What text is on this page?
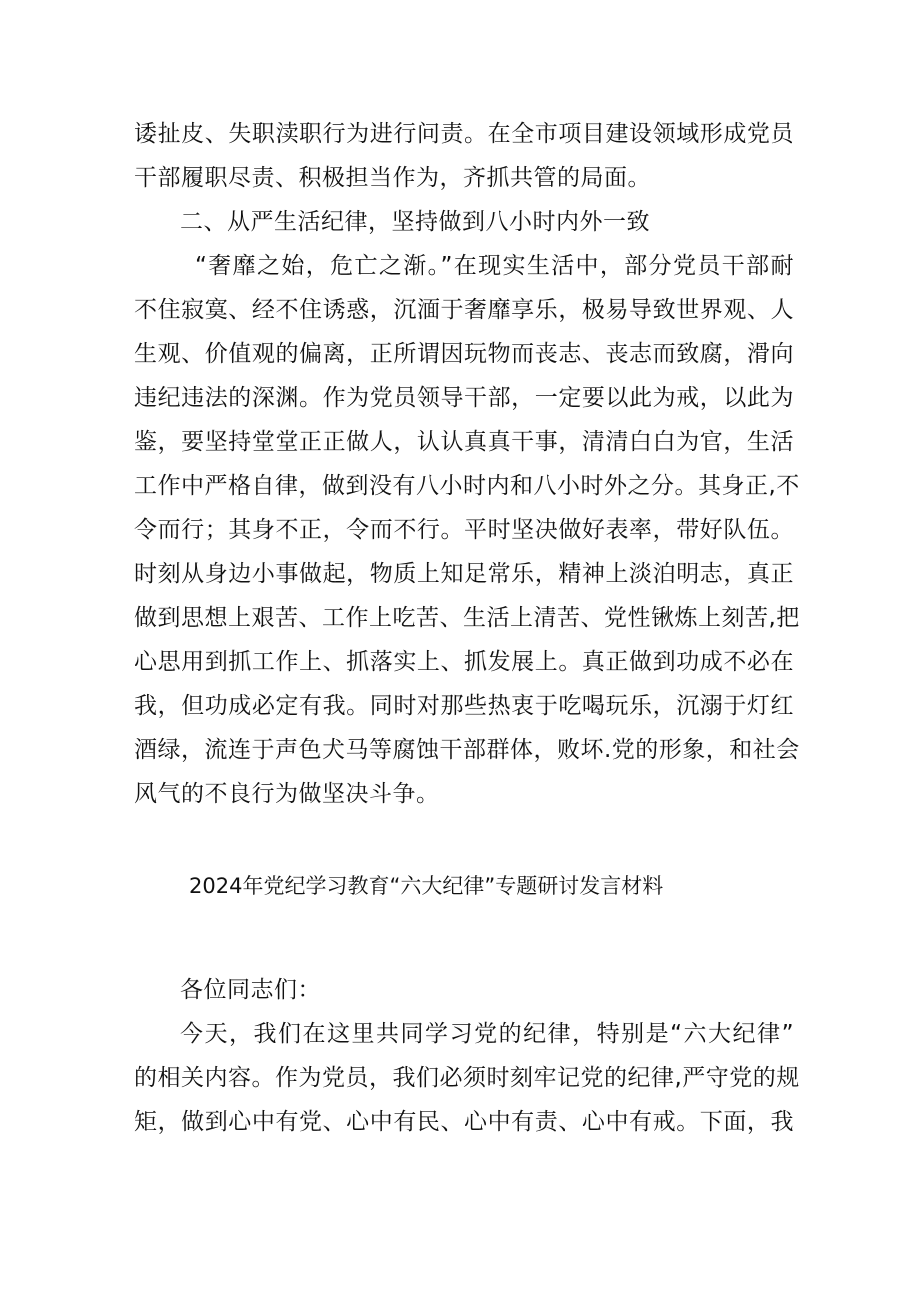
诿扯皮、失职渎职行为进行问责。在全市项目建设领域形成党员
干部履职尽责、积极担当作为，齐抓共管的局面。
二、从严生活纪律，坚持做到八小时内外一致
“奢靡之始，危亡之渐。”在现实生活中，部分党员干部耐
不住寂寞、经不住诱惑，沉湎于奢靡享乐，极易导致世界观、人
生观、价值观的偏离，正所谓因玩物而丧志、丧志而致腐，滑向
违纪违法的深渊。作为党员领导干部，一定要以此为戒，以此为
鉴，要坚持堂堂正正做人，认认真真干事，清清白白为官，生活
工作中严格自律，做到没有八小时内和八小时外之分。其身正,不
令而行；其身不正，令而不行。平时坚决做好表率，带好队伍。
时刻从身边小事做起，物质上知足常乐，精神上淡泊明志，真正
做到思想上艰苦、工作上吃苦、生活上清苦、党性锹炼上刻苦,把
心思用到抓工作上、抓落实上、抓发展上。真正做到功成不必在
我，但功成必定有我。同时对那些热衷于吃喝玩乐，沉溺于灯红
酒绿，流连于声色犬马等腐蚀干部群体，败坏.党的形象，和社会
风气的不良行为做坚决斗争。
2024年党纪学习教育“六大纪律”专题研讨发言材料
各位同志们：
今天，我们在这里共同学习党的纪律，特别是“六大纪律”
的相关内容。作为党员，我们必须时刻牢记党的纪律,严守党的规
矩，做到心中有党、心中有民、心中有责、心中有戒。下面，我
